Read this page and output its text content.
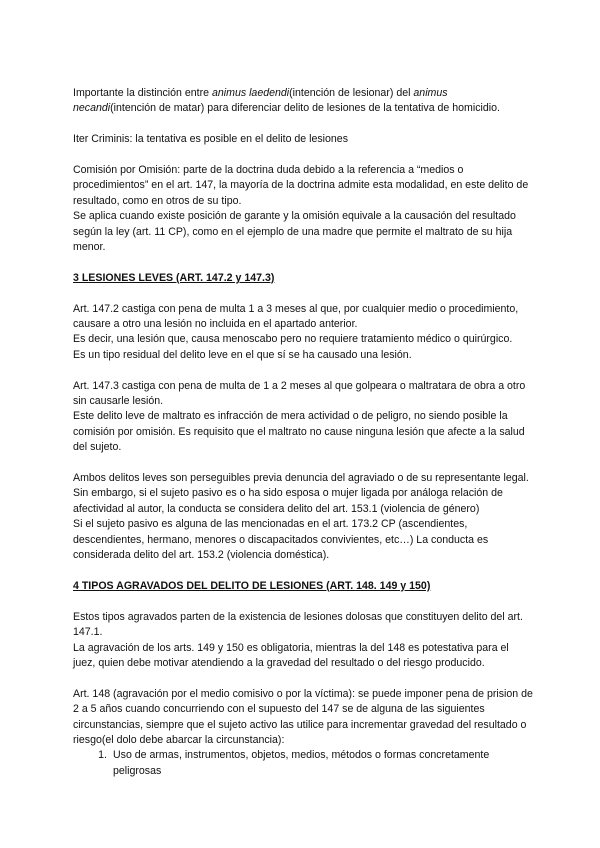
Importante la distinción entre animus laedendi(intención de lesionar) del animus necandi(intención de matar) para diferenciar delito de lesiones de la tentativa de homicidio.

Iter Criminis: la tentativa es posible en el delito de lesiones

Comisión por Omisión: parte de la doctrina duda debido a la referencia a “medios o procedimientos” en el art. 147, la mayoría de la doctrina admite esta modalidad, en este delito de resultado, como en otros de su tipo.

Se aplica cuando existe posición de garante y la omisión equivale a la causación del resultado según la ley (art. 11 CP), como en el ejemplo de una madre que permite el maltrato de su hija menor.

3 LESIONES LEVES (ART. 147.2 y 147.3)

Art. 147.2 castiga con pena de multa 1 a 3 meses al que, por cualquier medio o procedimiento, causare a otro una lesión no incluida en el apartado anterior.

Es decir, una lesión que, causa menoscabo pero no requiere tratamiento médico o quirúrgico.

Es un tipo residual del delito leve en el que sí se ha causado una lesión.

Art. 147.3 castiga con pena de multa de 1 a 2 meses al que golpeara o maltratara de obra a otro sin causarle lesión.

Este delito leve de maltrato es infracción de mera actividad o de peligro, no siendo posible la comisión por omisión. Es requisito que el maltrato no cause ninguna lesión que afecte a la salud del sujeto.

Ambos delitos leves son perseguibles previa denuncia del agraviado o de su representante legal. Sin embargo, si el sujeto pasivo es o ha sido esposa o mujer ligada por análoga relación de afectividad al autor, la conducta se considera delito del art. 153.1 (violencia de género)

Si el sujeto pasivo es alguna de las mencionadas en el art. 173.2 CP (ascendientes, descendientes, hermano, menores o discapacitados convivientes, etc…) La conducta es considerada delito del art. 153.2 (violencia doméstica).

4 TIPOS AGRAVADOS DEL DELITO DE LESIONES (ART. 148. 149 y 150)

Estos tipos agravados parten de la existencia de lesiones dolosas que constituyen delito del art. 147.1.

La agravación de los arts. 149 y 150 es obligatoria, mientras la del 148 es potestativa para el juez, quien debe motivar atendiendo a la gravedad del resultado o del riesgo producido.

Art. 148 (agravación por el medio comisivo o por la víctima): se puede imponer pena de prision de 2 a 5 años cuando concurriendo con el supuesto del 147 se de alguna de las siguientes circunstancias, siempre que el sujeto activo las utilice para incrementar gravedad del resultado o riesgo(el dolo debe abarcar la circunstancia):

1. Uso de armas, instrumentos, objetos, medios, métodos o formas concretamente peligrosas
